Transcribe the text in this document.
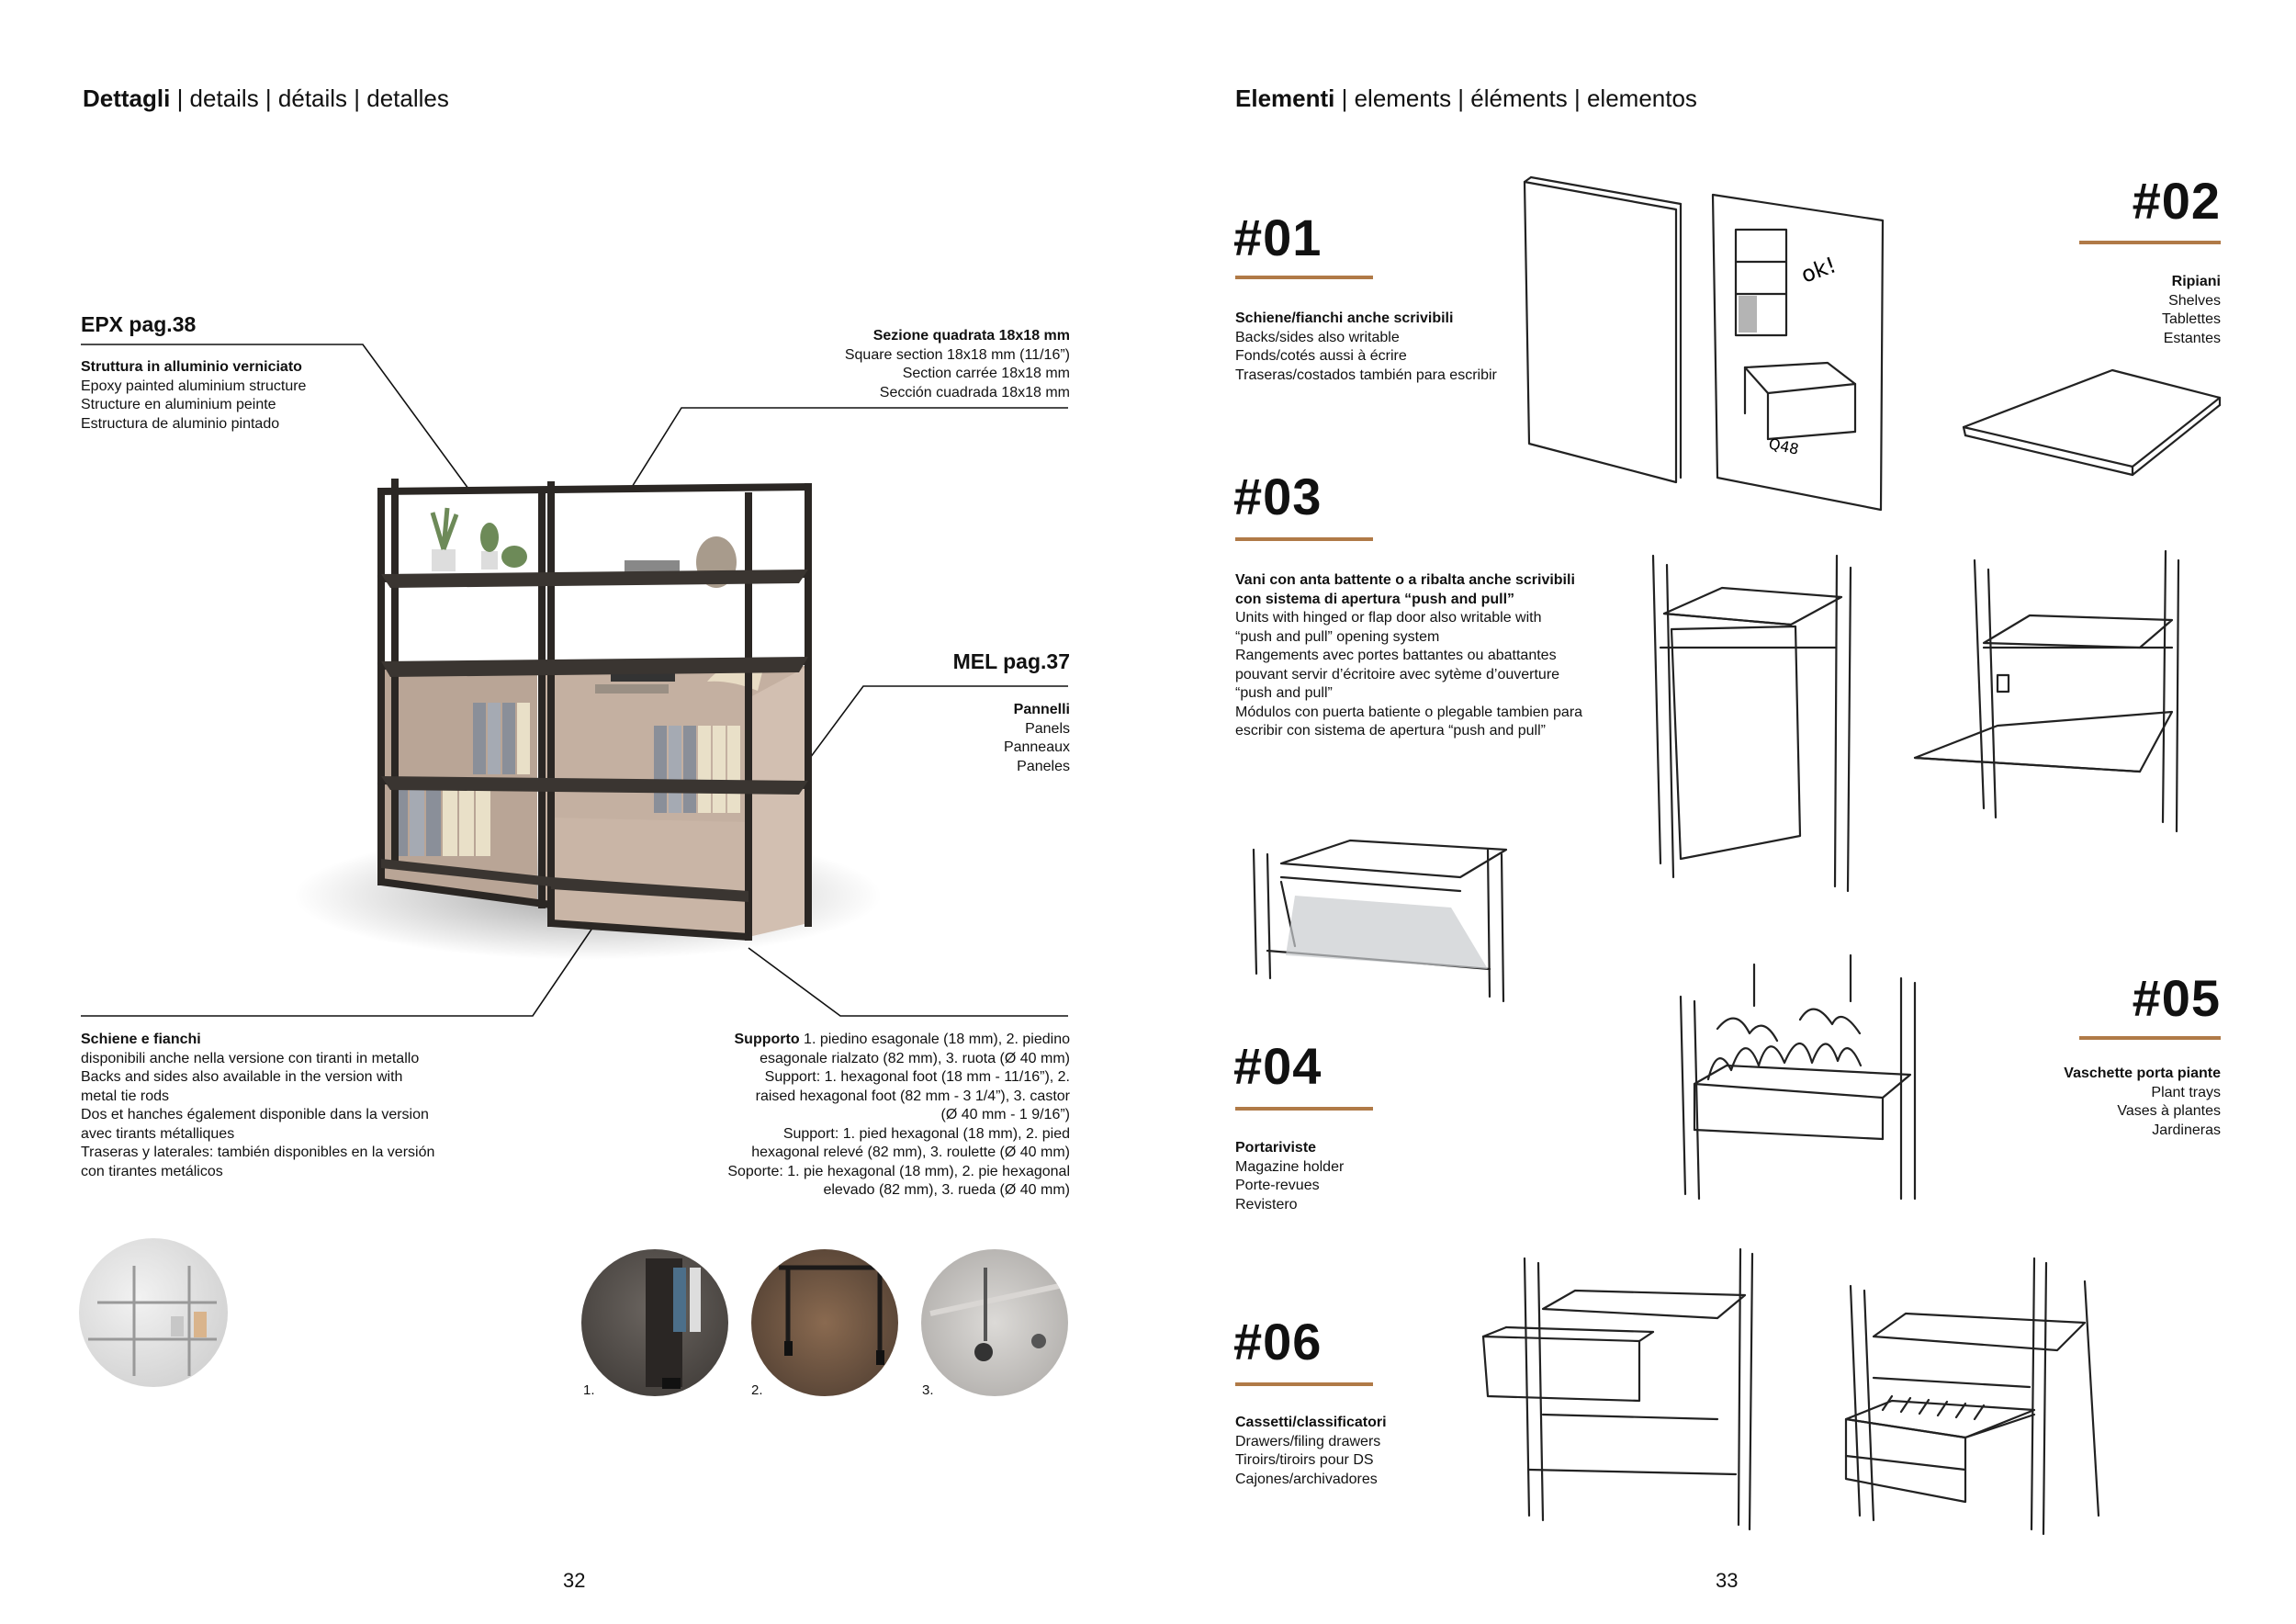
Dettagli | details | détails | detalles
EPX pag.38
Struttura in alluminio verniciato
Epoxy painted aluminium structure
Structure en aluminium peinte
Estructura de aluminio pintado
Sezione quadrata 18x18 mm
Square section 18x18 mm (11/16”)
Section carrée 18x18 mm
Sección cuadrada 18x18 mm
MEL pag.37
Pannelli
Panels
Panneaux
Paneles
Schiene e fianchi
disponibili anche nella versione con tiranti in metallo
Backs and sides also available in the version with
metal tie rods
Dos et hanches également disponible dans la version
avec tirants métalliques
Traseras y laterales: también disponibles en la versión
con tirantes metálicos
Supporto 1. piedino esagonale (18 mm), 2. piedino
esagonale rialzato (82 mm), 3. ruota (Ø 40 mm)
Support: 1. hexagonal foot (18 mm - 11/16”), 2.
raised hexagonal foot (82 mm - 3 1/4”), 3. castor
(Ø 40 mm - 1 9/16”)
Support: 1. pied hexagonal (18 mm), 2. pied
hexagonal relevé (82 mm), 3. roulette (Ø 40 mm)
Soporte: 1. pie hexagonal (18 mm), 2. pie hexagonal
elevado (82 mm), 3. rueda (Ø 40 mm)
1.	2.	3.
32
Elementi | elements | éléments | elementos
#01
Schiene/fianchi anche scrivibili
Backs/sides also writable
Fonds/cotés aussi à écrire
Traseras/costados también para escribir
#02
Ripiani
Shelves
Tablettes
Estantes
#03
Vani con anta battente o a ribalta anche scrivibili
con sistema di apertura “push and pull”
Units with hinged or flap door also writable with
“push and pull” opening system
Rangements avec portes battantes ou abattantes
pouvant servir d’écritoire avec sytème d’ouverture
“push and pull”
Módulos con puerta batiente o plegable tambien para
escribir con sistema de apertura “push and pull”
#04
Portariviste
Magazine holder
Porte-revues
Revistero
#05
Vaschette porta piante
Plant trays
Vases à plantes
Jardineras
#06
Cassetti/classificatori
Drawers/filing drawers
Tiroirs/tiroirs pour DS
Cajones/archivadores
33
ok!
Q48
